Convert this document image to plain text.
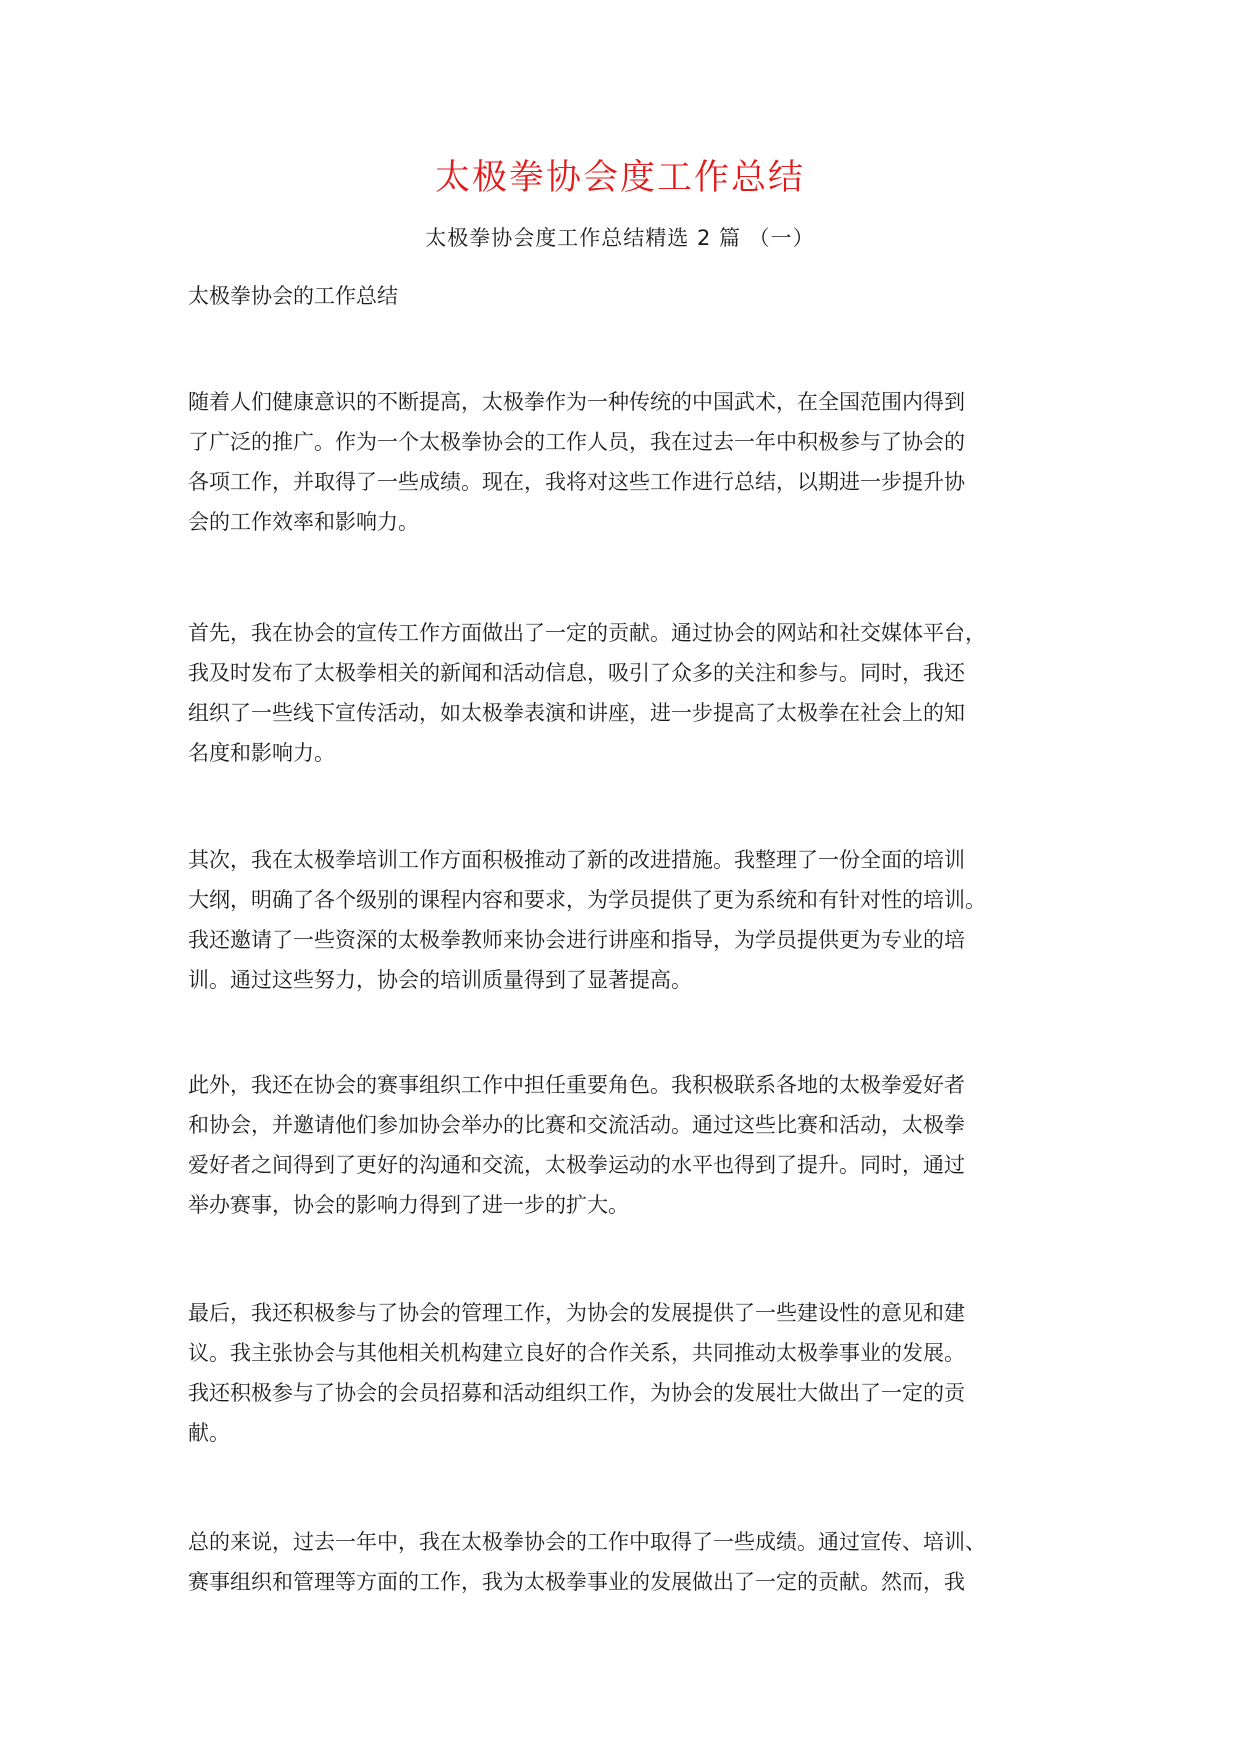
太极拳协会度工作总结

太极拳协会度工作总结精选 2 篇 （一）

太极拳协会的工作总结

随着人们健康意识的不断提高，太极拳作为一种传统的中国武术，在全国范围内得到
了广泛的推广。作为一个太极拳协会的工作人员，我在过去一年中积极参与了协会的
各项工作，并取得了一些成绩。现在，我将对这些工作进行总结，以期进一步提升协
会的工作效率和影响力。
首先，我在协会的宣传工作方面做出了一定的贡献。通过协会的网站和社交媒体平台，
我及时发布了太极拳相关的新闻和活动信息，吸引了众多的关注和参与。同时，我还
组织了一些线下宣传活动，如太极拳表演和讲座，进一步提高了太极拳在社会上的知
名度和影响力。
其次，我在太极拳培训工作方面积极推动了新的改进措施。我整理了一份全面的培训
大纲，明确了各个级别的课程内容和要求，为学员提供了更为系统和有针对性的培训。
我还邀请了一些资深的太极拳教师来协会进行讲座和指导，为学员提供更为专业的培
训。通过这些努力，协会的培训质量得到了显著提高。
此外，我还在协会的赛事组织工作中担任重要角色。我积极联系各地的太极拳爱好者
和协会，并邀请他们参加协会举办的比赛和交流活动。通过这些比赛和活动，太极拳
爱好者之间得到了更好的沟通和交流，太极拳运动的水平也得到了提升。同时，通过
举办赛事，协会的影响力得到了进一步的扩大。
最后，我还积极参与了协会的管理工作，为协会的发展提供了一些建设性的意见和建
议。我主张协会与其他相关机构建立良好的合作关系，共同推动太极拳事业的发展。
我还积极参与了协会的会员招募和活动组织工作，为协会的发展壮大做出了一定的贡
献。
总的来说，过去一年中，我在太极拳协会的工作中取得了一些成绩。通过宣传、培训、
赛事组织和管理等方面的工作，我为太极拳事业的发展做出了一定的贡献。然而，我
